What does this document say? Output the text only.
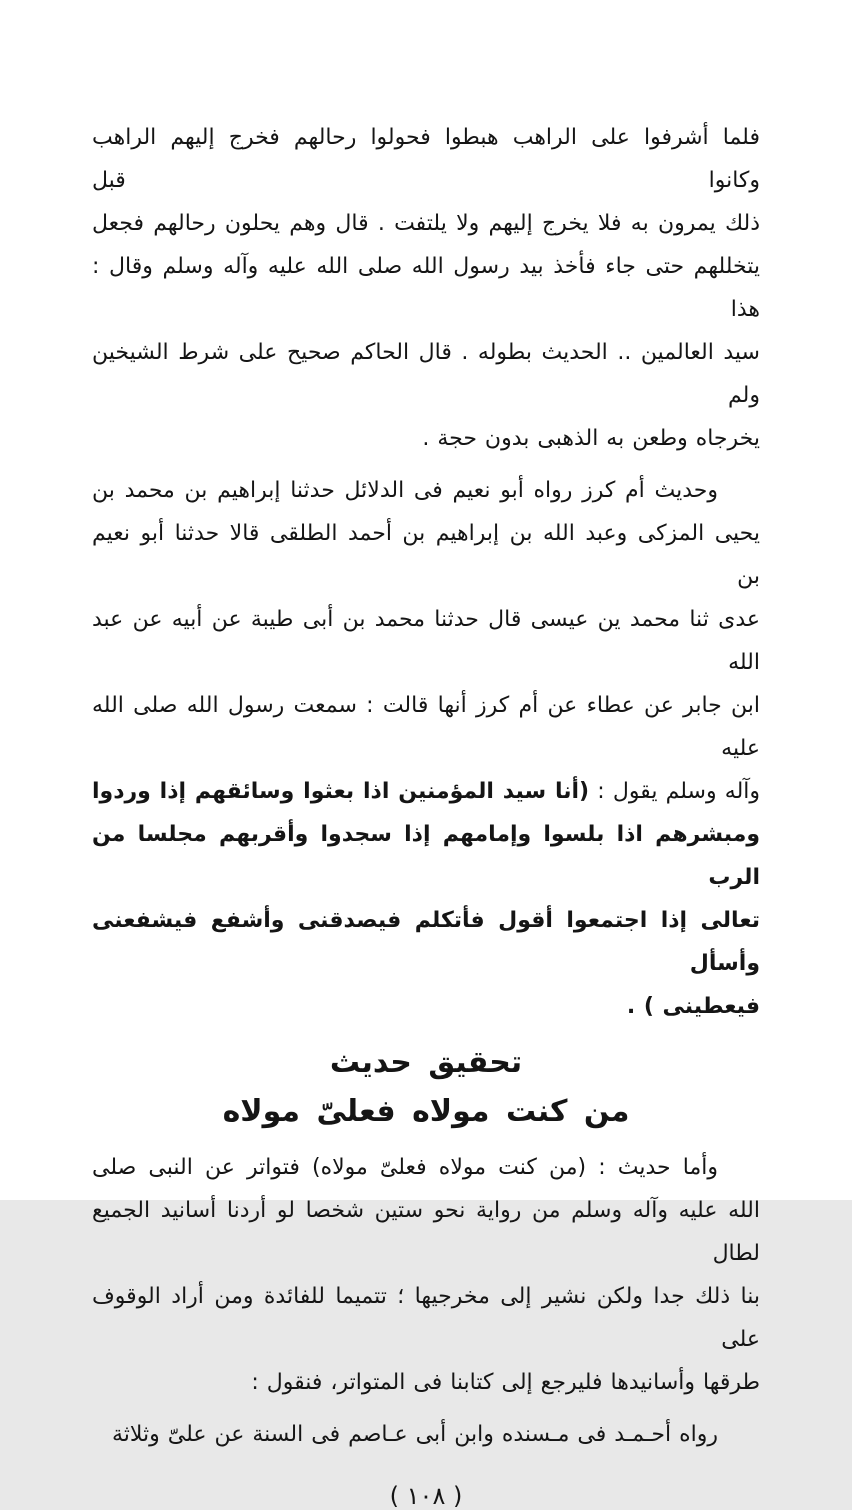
فلما أشرفوا على الراهب هبطوا فحولوا رحالهم فخرج إليهم الراهب وكانوا قبل
ذلك يمرون به فلا يخرج إليهم ولا يلتفت . قال وهم يحلون رحالهم فجعل
يتخللهم حتى جاء فأخذ بيد رسول الله صلى الله عليه وآله وسلم وقال : هذا
سيد العالمين .. الحديث بطوله . قال الحاكم صحيح على شرط الشيخين ولم
يخرجاه وطعن به الذهبى بدون حجة .
وحديث أم كرز رواه أبو نعيم فى الدلائل حدثنا إبراهيم بن محمد بن
يحيى المزكى وعبد الله بن إبراهيم بن أحمد الطلقى قالا حدثنا أبو نعيم بن
عدى ثنا محمد ين عيسى قال حدثنا محمد بن أبى طيبة عن أبيه عن عبد الله
ابن جابر عن عطاء عن أم كرز أنها قالت : سمعت رسول الله صلى الله عليه
وآله وسلم يقول : (أنا سيد المؤمنين اذا بعثوا وسائقهم إذا وردوا
ومبشرهم اذا بلسوا وإمامهم إذا سجدوا وأقربهم مجلسا من الرب
تعالى إذا اجتمعوا أقول فأتكلم فيصدقنى وأشفع فيشفعنى وأسأل
فيعطينى ) .
تحقيق حديث
من كنت مولاه فعلىّ مولاه
وأما حديث : (من كنت مولاه فعلىّ مولاه) فتواتر عن النبى صلى
الله عليه وآله وسلم من رواية نحو ستين شخصا لو أردنا أسانيد الجميع لطال
بنا ذلك جدا ولكن نشير إلى مخرجيها ؛ تتميما للفائدة ومن أراد الوقوف على
طرقها وأسانيدها فليرجع إلى كتابنا فى المتواتر، فنقول :
رواه أحـمـد فى مـسنده وابن أبى عـاصم فى السنة عن علىّ وثلاثة
( ١٠٨ )
